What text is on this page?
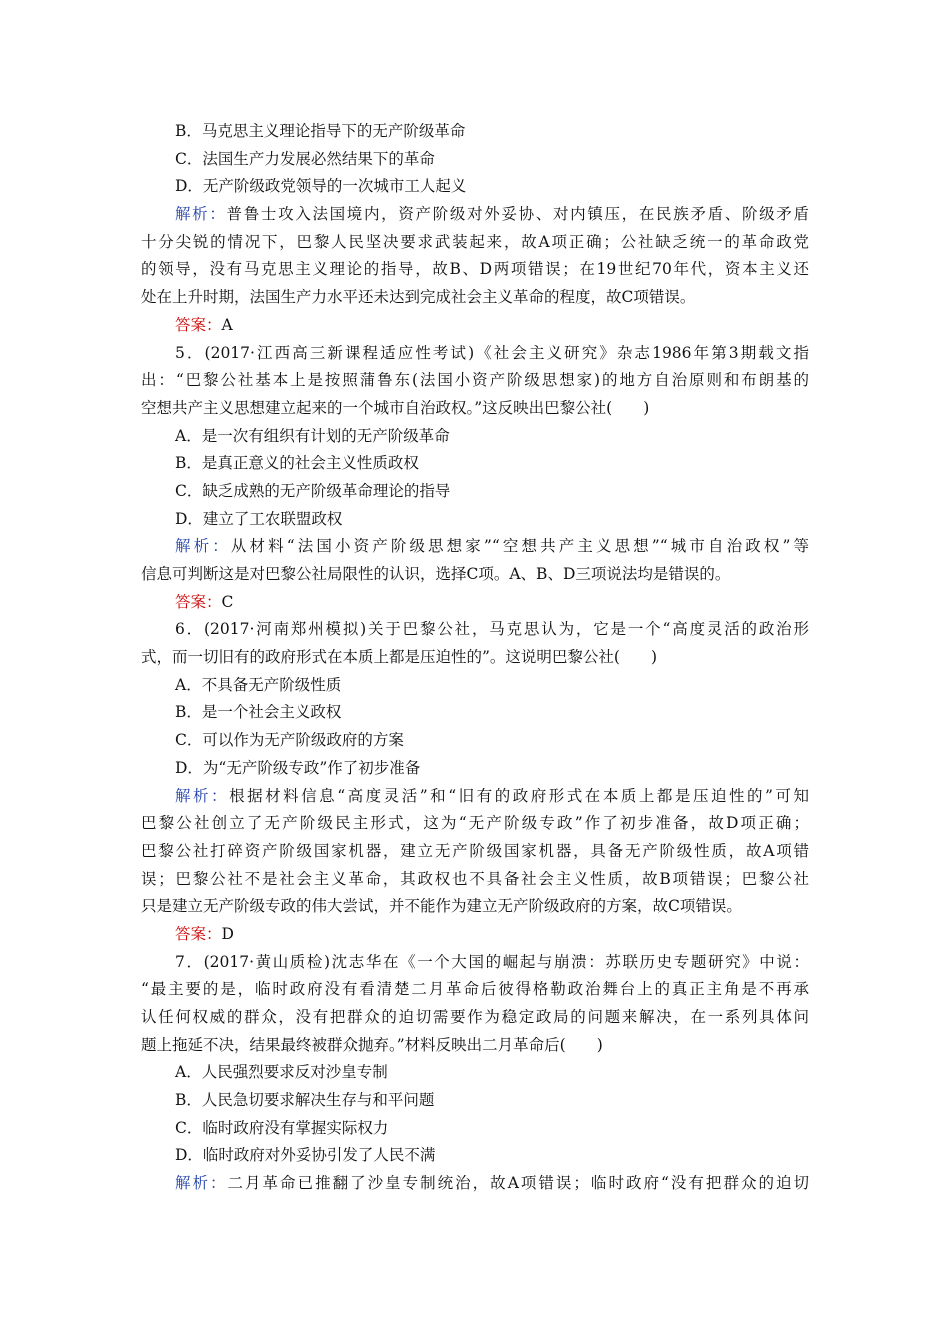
B．马克思主义理论指导下的无产阶级革命
C．法国生产力发展必然结果下的革命
D．无产阶级政党领导的一次城市工人起义
解析：普鲁士攻入法国境内，资产阶级对外妥协、对内镇压，在民族矛盾、阶级矛盾
十分尖锐的情况下，巴黎人民坚决要求武装起来，故A项正确；公社缺乏统一的革命政党
的领导，没有马克思主义理论的指导，故B、D两项错误；在19世纪70年代，资本主义还
处在上升时期，法国生产力水平还未达到完成社会主义革命的程度，故C项错误。
答案：A
5．(2017·江西高三新课程适应性考试)《社会主义研究》杂志1986年第3期载文指
出：“巴黎公社基本上是按照蒲鲁东(法国小资产阶级思想家)的地方自治原则和布朗基的
空想共产主义思想建立起来的一个城市自治政权。”这反映出巴黎公社(　　)
A．是一次有组织有计划的无产阶级革命
B．是真正意义的社会主义性质政权
C．缺乏成熟的无产阶级革命理论的指导
D．建立了工农联盟政权
解析：从材料“法国小资产阶级思想家”“空想共产主义思想”“城市自治政权”等
信息可判断这是对巴黎公社局限性的认识，选择C项。A、B、D三项说法均是错误的。
答案：C
6．(2017·河南郑州模拟)关于巴黎公社，马克思认为，它是一个“高度灵活的政治形
式，而一切旧有的政府形式在本质上都是压迫性的”。这说明巴黎公社(　　)
A．不具备无产阶级性质
B．是一个社会主义政权
C．可以作为无产阶级政府的方案
D．为“无产阶级专政”作了初步准备
解析：根据材料信息“高度灵活”和“旧有的政府形式在本质上都是压迫性的”可知
巴黎公社创立了无产阶级民主形式，这为“无产阶级专政”作了初步准备，故D项正确；
巴黎公社打碎资产阶级国家机器，建立无产阶级国家机器，具备无产阶级性质，故A项错
误；巴黎公社不是社会主义革命，其政权也不具备社会主义性质，故B项错误；巴黎公社
只是建立无产阶级专政的伟大尝试，并不能作为建立无产阶级政府的方案，故C项错误。
答案：D
7．(2017·黄山质检)沈志华在《一个大国的崛起与崩溃：苏联历史专题研究》中说：
“最主要的是，临时政府没有看清楚二月革命后彼得格勒政治舞台上的真正主角是不再承
认任何权威的群众，没有把群众的迫切需要作为稳定政局的问题来解决，在一系列具体问
题上拖延不决，结果最终被群众抛弃。”材料反映出二月革命后(　　)
A．人民强烈要求反对沙皇专制
B．人民急切要求解决生存与和平问题
C．临时政府没有掌握实际权力
D．临时政府对外妥协引发了人民不满
解析：二月革命已推翻了沙皇专制统治，故A项错误；临时政府“没有把群众的迫切
